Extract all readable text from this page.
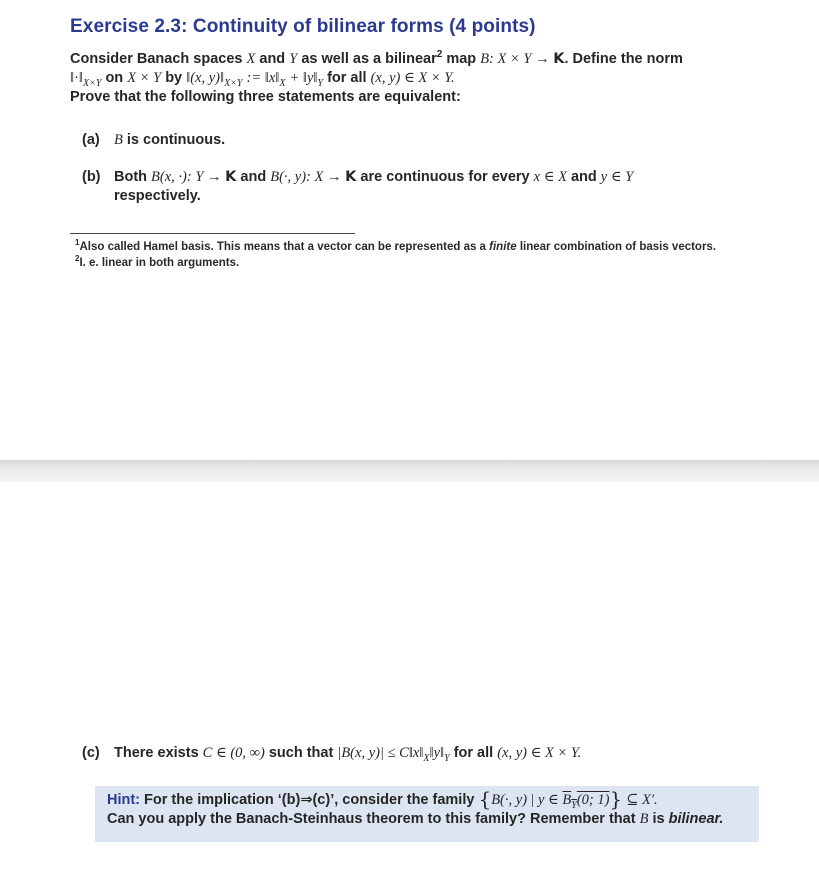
Exercise 2.3: Continuity of bilinear forms (4 points)
Consider Banach spaces X and Y as well as a bilinear$^2$ map B: X × Y → K. Define the norm
$‖\cdot‖_{X\times Y}$ on X × Y by ‖(x, $y)‖_{X\times Y}$ := $‖x‖_X$ + $‖y‖_Y$ for all (x, y) ∈ X × Y.
Prove that the following three statements are equivalent:
(a) B is continuous.
(b) Both B(x, ·): Y → K and B(·, y): X → K are continuous for every x ∈ X and y ∈ Y
respectively.
$^1$Also called Hamel basis. This means that a vector can be represented as a finite linear combination of basis vectors.
$^2$I. e. linear in both arguments.
(c) There exists C ∈ (0, ∞) such that |B(x, $y)| \le C‖x‖_X‖y‖_Y$ for all (x, y) ∈ X × Y.
Hint: For the implication ‘(b)⇒(c)’, consider the family {B(·, y) | y ∈ $B_Y(0$; 1)} ⊆ X′.
Can you apply the Banach-Steinhaus theorem to this family? Remember that B is bilinear.
